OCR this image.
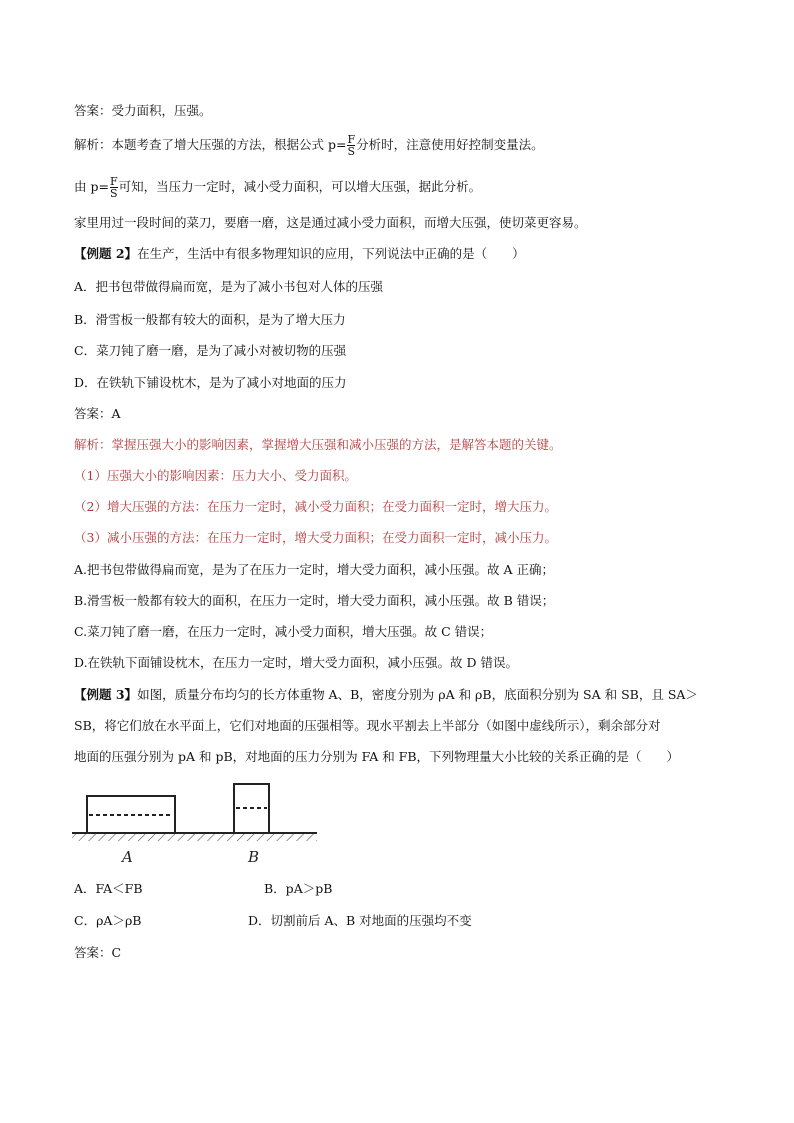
答案：受力面积，压强。
解析：本题考查了增大压强的方法，根据公式 $p= \frac{F}{S}$ 分析时，注意使用好控制变量法。
由 $p= \frac{F}{S}$ 可知，当压力一定时，减小受力面积，可以增大压强，据此分析。
家里用过一段时间的菜刀，要磨一磨，这是通过减小受力面积，而增大压强，使切菜更容易。
【例题 2】在生产，生活中有很多物理知识的应用，下列说法中正确的是（　　）
A．把书包带做得扁而宽，是为了减小书包对人体的压强
B．滑雪板一般都有较大的面积，是为了增大压力
C．菜刀钝了磨一磨，是为了减小对被切物的压强
D．在铁轨下铺设枕木，是为了减小对地面的压力
答案：A
解析：掌握压强大小的影响因素，掌握增大压强和减小压强的方法，是解答本题的关键。
（1）压强大小的影响因素：压力大小、受力面积。
（2）增大压强的方法：在压力一定时，减小受力面积；在受力面积一定时，增大压力。
（3）减小压强的方法：在压力一定时，增大受力面积；在受力面积一定时，减小压力。
A.把书包带做得扁而宽，是为了在压力一定时，增大受力面积，减小压强。故 A 正确；
B.滑雪板一般都有较大的面积，在压力一定时，增大受力面积，减小压强。故 B 错误；
C.菜刀钝了磨一磨，在压力一定时，减小受力面积，增大压强。故 C 错误；
D.在铁轨下面铺设枕木，在压力一定时，增大受力面积，减小压强。故 D 错误。
【例题 3】如图，质量分布均匀的长方体重物 A、B，密度分别为 ρA 和 ρB，底面积分别为 SA 和 SB，且 SA＞
SB，将它们放在水平面上，它们对地面的压强相等。现水平割去上半部分（如图中虚线所示），剩余部分对
地面的压强分别为 pA 和 pB，对地面的压力分别为 FA 和 FB，下列物理量大小比较的关系正确的是（　　）
A	B
A．FA＜FB	B．pA＞pB
C．ρA＞ρB	D．切割前后 A、B 对地面的压强均不变
答案：C
